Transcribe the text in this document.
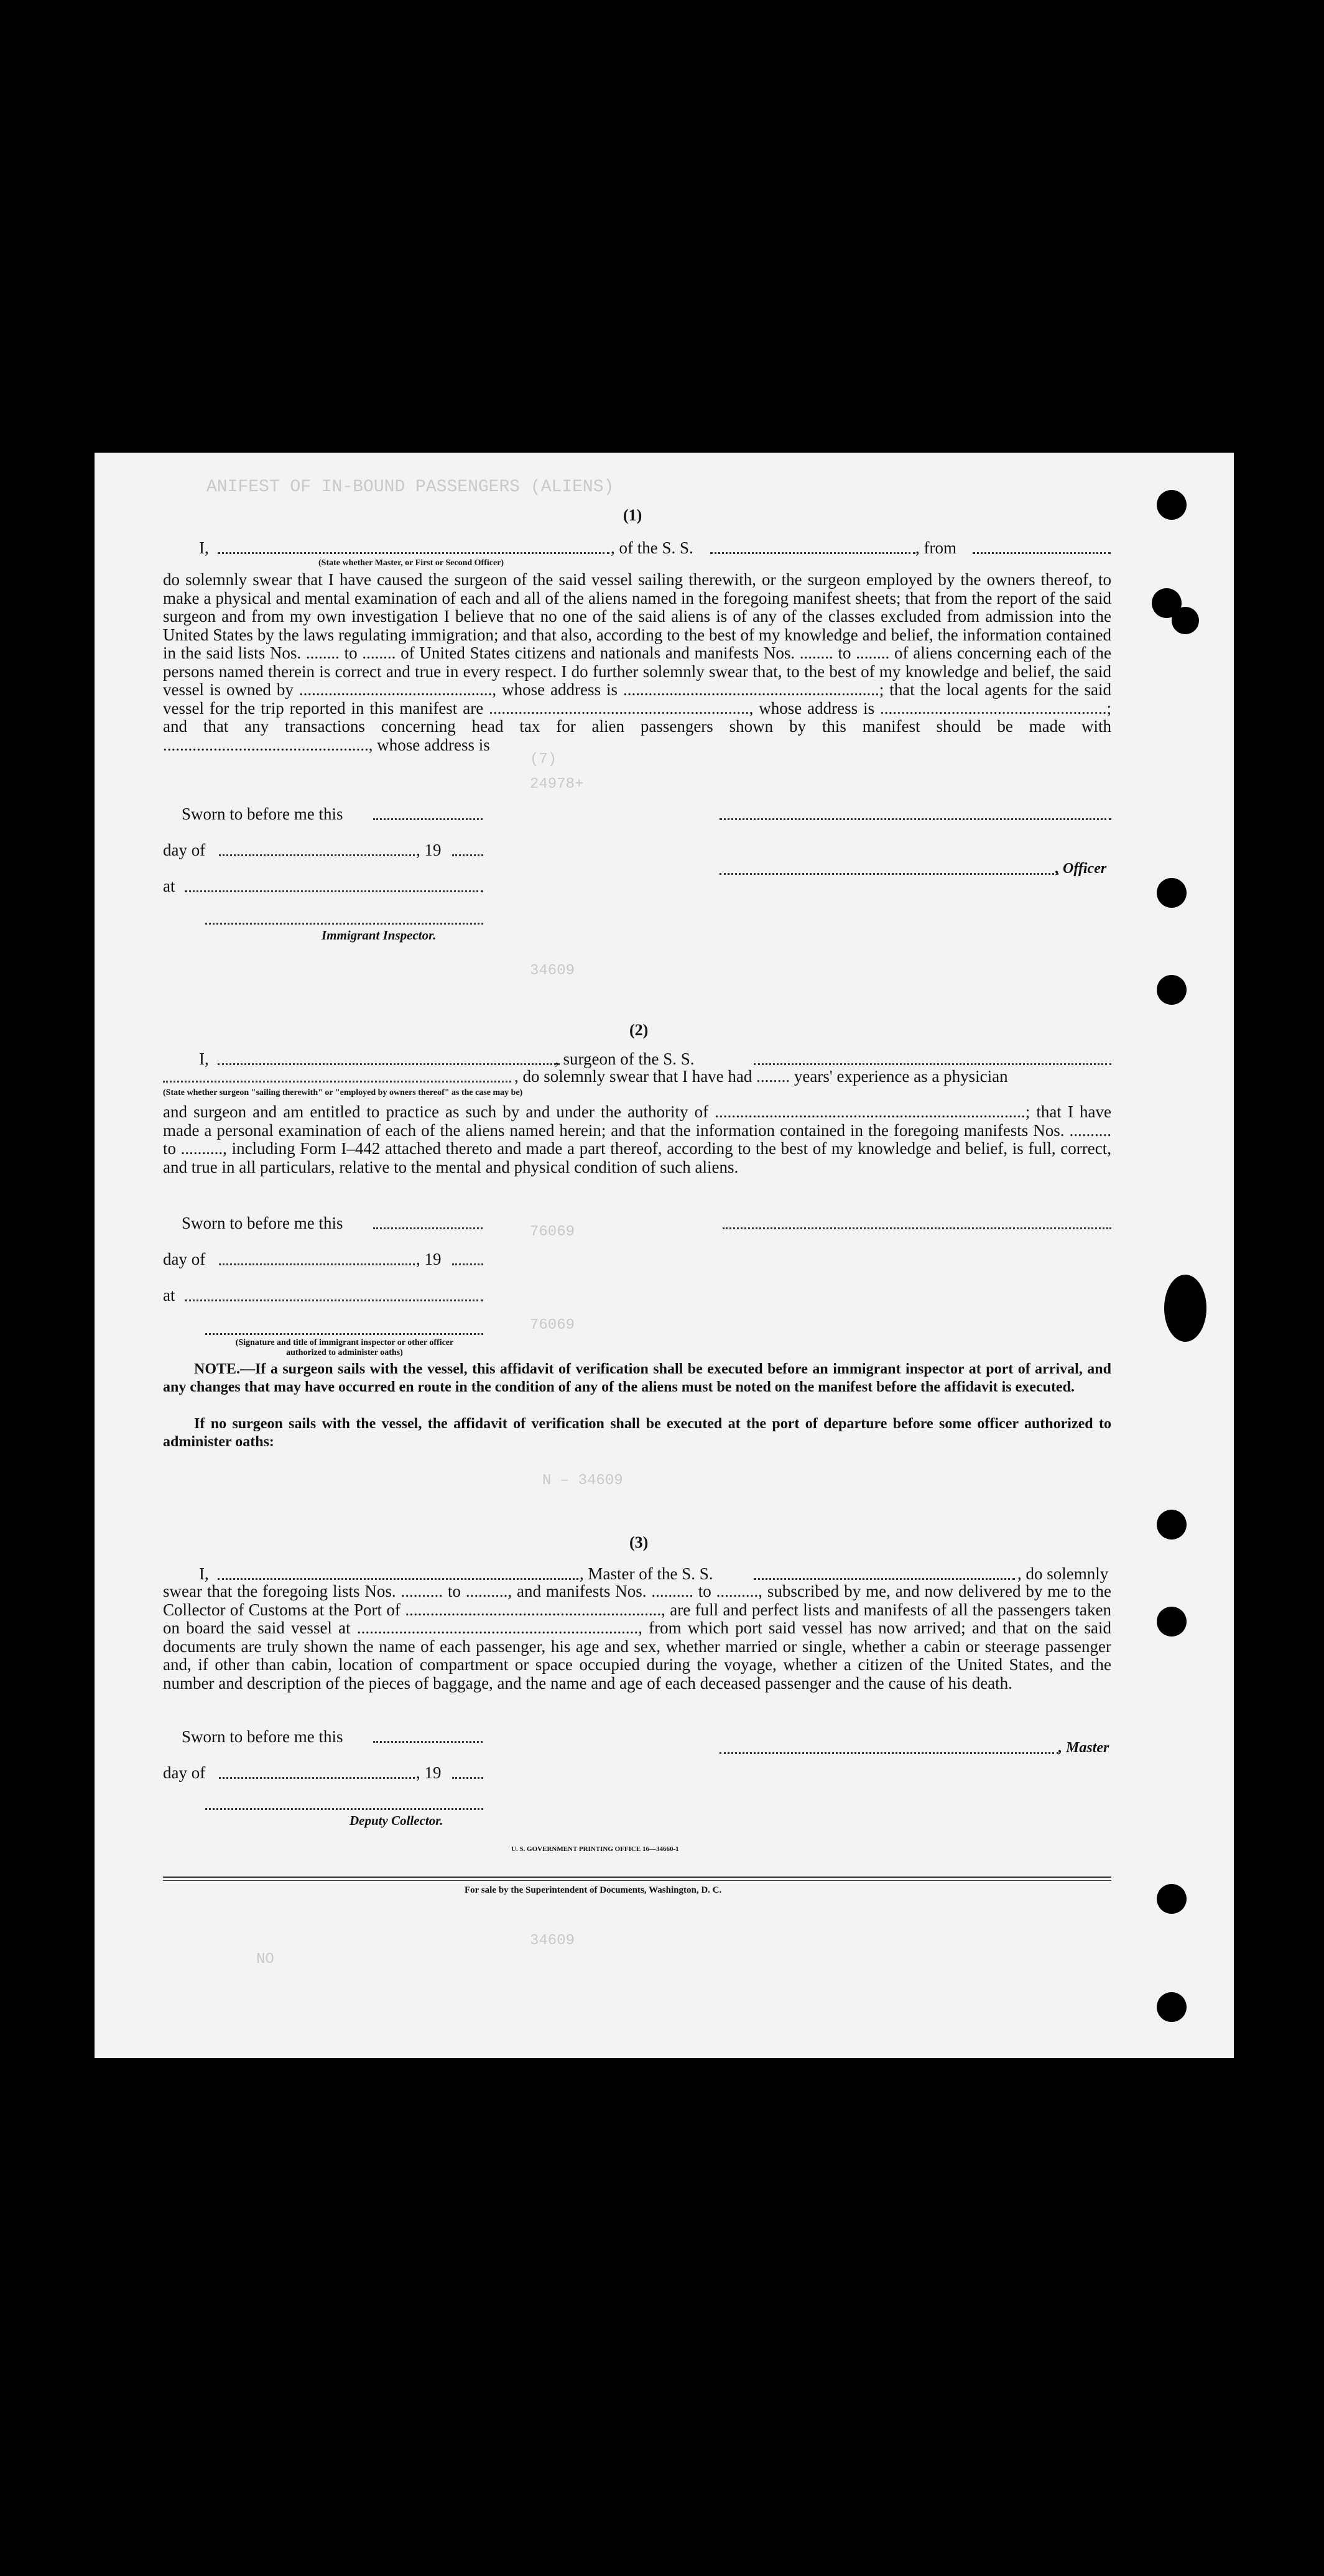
ANIFEST OF IN-BOUND PASSENGERS (ALIENS)
(7)
24978+
34609
76069
76069
N – 34609
34609
NO
(1)
I,	, of the S. S.	, from
(State whether Master, or First or Second Officer)
do solemnly swear that I have caused the surgeon of the said vessel sailing therewith, or the surgeon employed by the owners thereof, to make a physical and mental examination of each and all of the aliens named in the foregoing manifest sheets; that from the report of the said surgeon and from my own investigation I believe that no one of the said aliens is of any of the classes excluded from admission into the United States by the laws regulating immigration; and that also, according to the best of my knowledge and belief, the information contained in the said lists Nos. ........ to ........ of United States citizens and nationals and manifests Nos. ........ to ........ of aliens concerning each of the persons named therein is correct and true in every respect. I do further solemnly swear that, to the best of my knowledge and belief, the said vessel is owned by .............................................., whose address is .............................................................; that the local agents for the said vessel for the trip reported in this manifest are .............................................................., whose address is ......................................................; and that any transactions concerning head tax for alien passengers shown by this manifest should be made with ................................................., whose address is
Sworn to before me this
day of	, 19
, Officer
at
Immigrant Inspector.
(2)
I,	, surgeon of the S. S.
, do solemnly swear that I have had ........ years' experience as a physician
(State whether surgeon "sailing therewith" or "employed by owners thereof" as the case may be)
and surgeon and am entitled to practice as such by and under the authority of ..........................................................................; that I have made a personal examination of each of the aliens named herein; and that the information contained in the foregoing manifests Nos. .......... to .........., including Form I–442 attached thereto and made a part thereof, according to the best of my knowledge and belief, is full, correct, and true in all particulars, relative to the mental and physical condition of such aliens.
Sworn to before me this
day of	, 19
at
(Signature and title of immigrant inspector or other officer authorized to administer oaths)
NOTE.—If a surgeon sails with the vessel, this affidavit of verification shall be executed before an immigrant inspector at port of arrival, and any changes that may have occurred en route in the condition of any of the aliens must be noted on the manifest before the affidavit is executed.
If no surgeon sails with the vessel, the affidavit of verification shall be executed at the port of departure before some officer authorized to administer oaths:
(3)
I,	, Master of the S. S.	, do solemnly
swear that the foregoing lists Nos. .......... to .........., and manifests Nos. .......... to .........., subscribed by me, and now delivered by me to the Collector of Customs at the Port of ............................................................., are full and perfect lists and manifests of all the passengers taken on board the said vessel at ..................................................................., from which port said vessel has now arrived; and that on the said documents are truly shown the name of each passenger, his age and sex, whether married or single, whether a cabin or steerage passenger and, if other than cabin, location of compartment or space occupied during the voyage, whether a citizen of the United States, and the number and description of the pieces of baggage, and the name and age of each deceased passenger and the cause of his death.
Sworn to before me this
, Master
day of	, 19
Deputy Collector.
U. S. GOVERNMENT PRINTING OFFICE 16—34660-1
For sale by the Superintendent of Documents, Washington, D. C.
